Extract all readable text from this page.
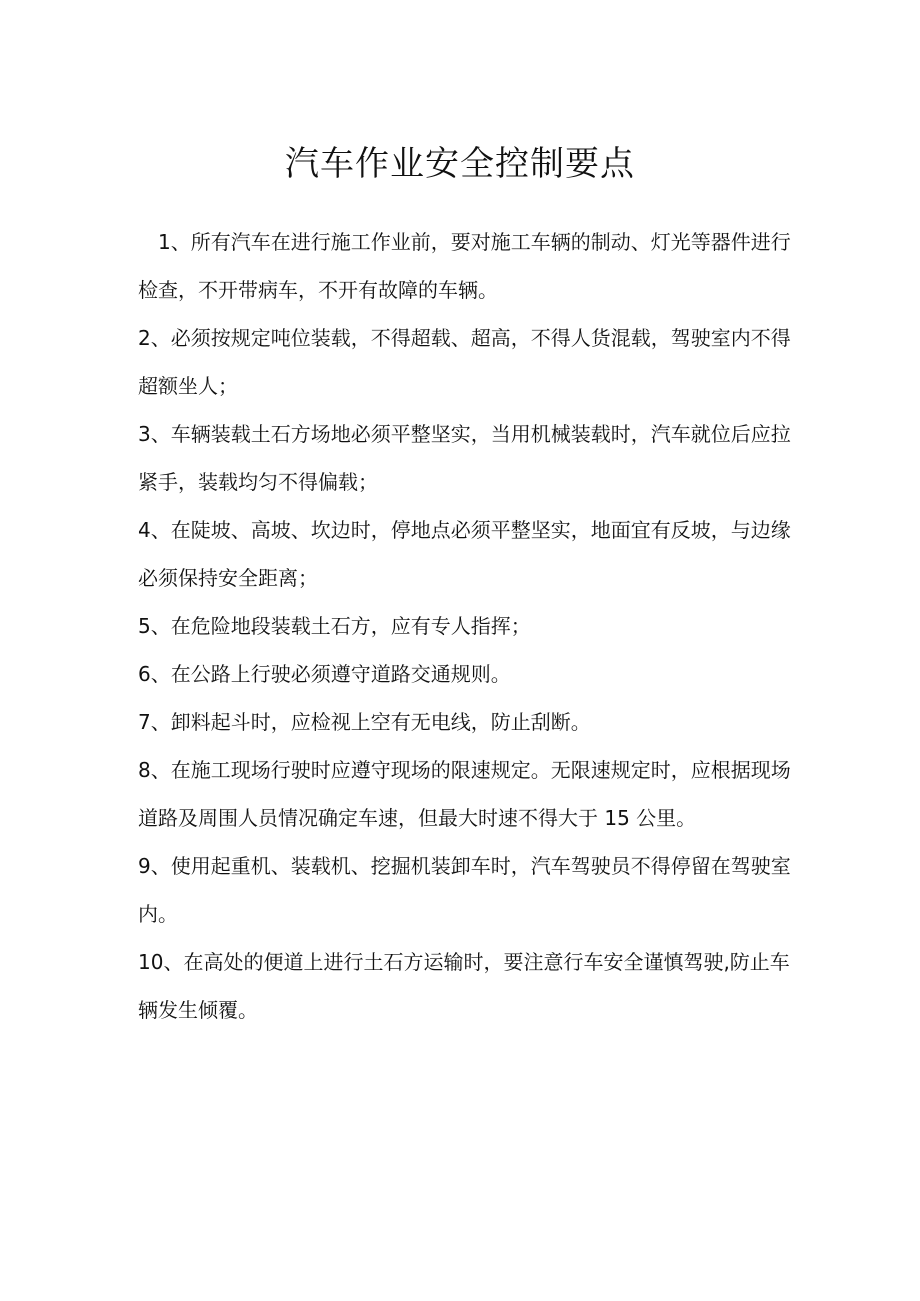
汽车作业安全控制要点

1、所有汽车在进行施工作业前，要对施工车辆的制动、灯光等器件进行检查，不开带病车，不开有故障的车辆。

2、必须按规定吨位装载，不得超载、超高，不得人货混载，驾驶室内不得超额坐人；

3、车辆装载土石方场地必须平整坚实，当用机械装载时，汽车就位后应拉紧手，装载均匀不得偏载；

4、在陡坡、高坡、坎边时，停地点必须平整坚实，地面宜有反坡，与边缘必须保持安全距离；

5、在危险地段装载土石方，应有专人指挥；

6、在公路上行驶必须遵守道路交通规则。

7、卸料起斗时，应检视上空有无电线，防止刮断。

8、在施工现场行驶时应遵守现场的限速规定。无限速规定时，应根据现场道路及周围人员情况确定车速，但最大时速不得大于 15 公里。

9、使用起重机、装载机、挖掘机装卸车时，汽车驾驶员不得停留在驾驶室内。

10、在高处的便道上进行土石方运输时，要注意行车安全谨慎驾驶,防止车辆发生倾覆。
